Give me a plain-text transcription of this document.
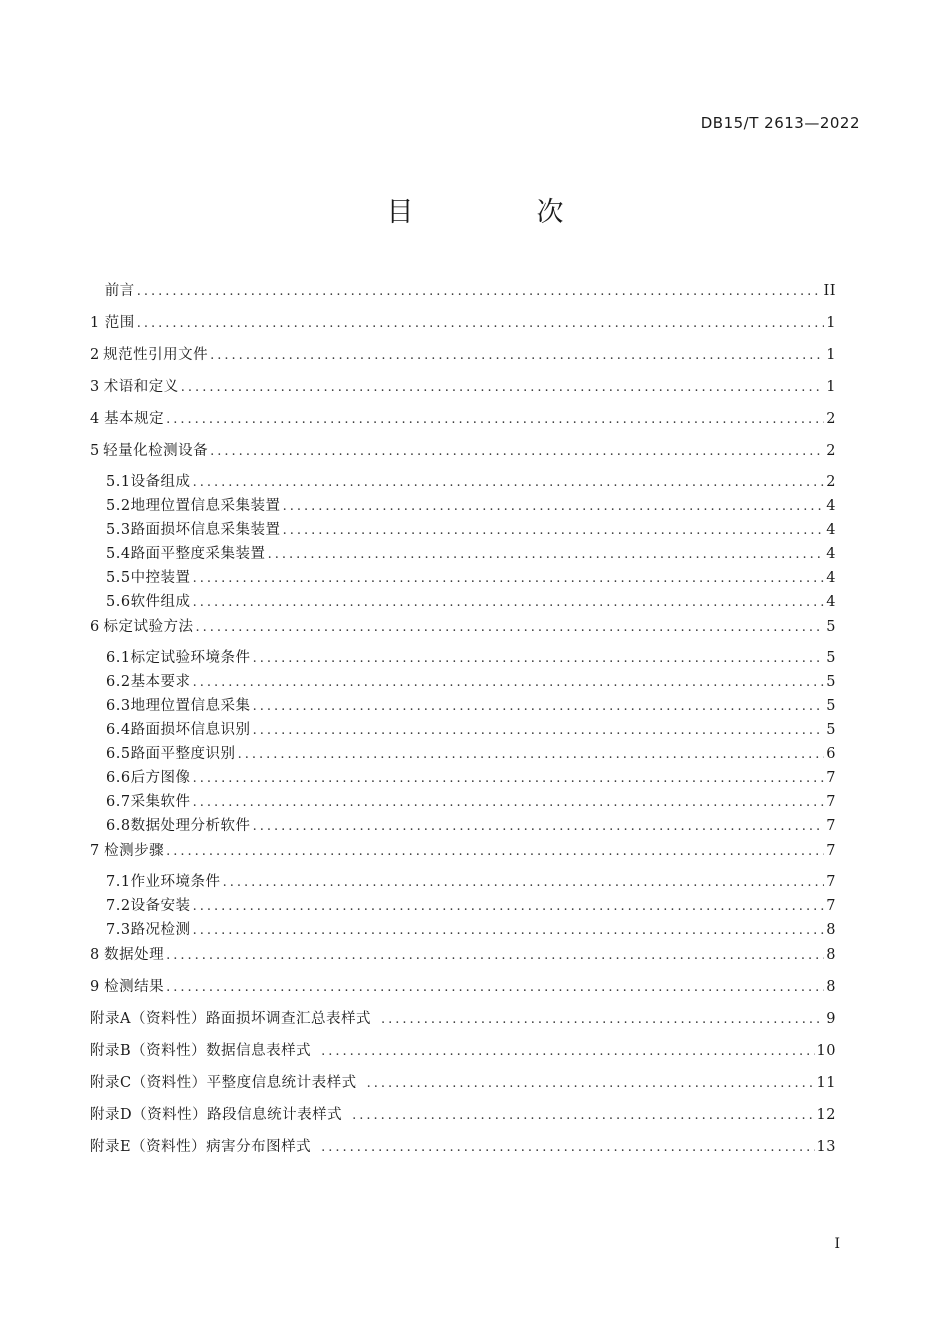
DB15/T 2613—2022
目　次
前言 .....	II
1 范围 .....	1
2 规范性引用文件 .....	1
3 术语和定义 .....	1
4 基本规定 .....	2
5 轻量化检测设备 .....	2
5.1 设备组成 .....	2
5.2 地理位置信息采集装置 .....	4
5.3 路面损坏信息采集装置 .....	4
5.4 路面平整度采集装置 .....	4
5.5 中控装置 .....	4
5.6 软件组成 .....	4
6 标定试验方法 .....	5
6.1 标定试验环境条件 .....	5
6.2 基本要求 .....	5
6.3 地理位置信息采集 .....	5
6.4 路面损坏信息识别 .....	5
6.5 路面平整度识别 .....	6
6.6 后方图像 .....	7
6.7 采集软件 .....	7
6.8 数据处理分析软件 .....	7
7 检测步骤 .....	7
7.1 作业环境条件 .....	7
7.2 设备安装 .....	7
7.3 路况检测 .....	8
8 数据处理 .....	8
9 检测结果 .....	8
附录A（资料性） 路面损坏调查汇总表样式 .....	9
附录B（资料性） 数据信息表样式 .....	10
附录C（资料性） 平整度信息统计表样式 .....	11
附录D（资料性） 路段信息统计表样式 .....	12
附录E（资料性） 病害分布图样式 .....	13
I
